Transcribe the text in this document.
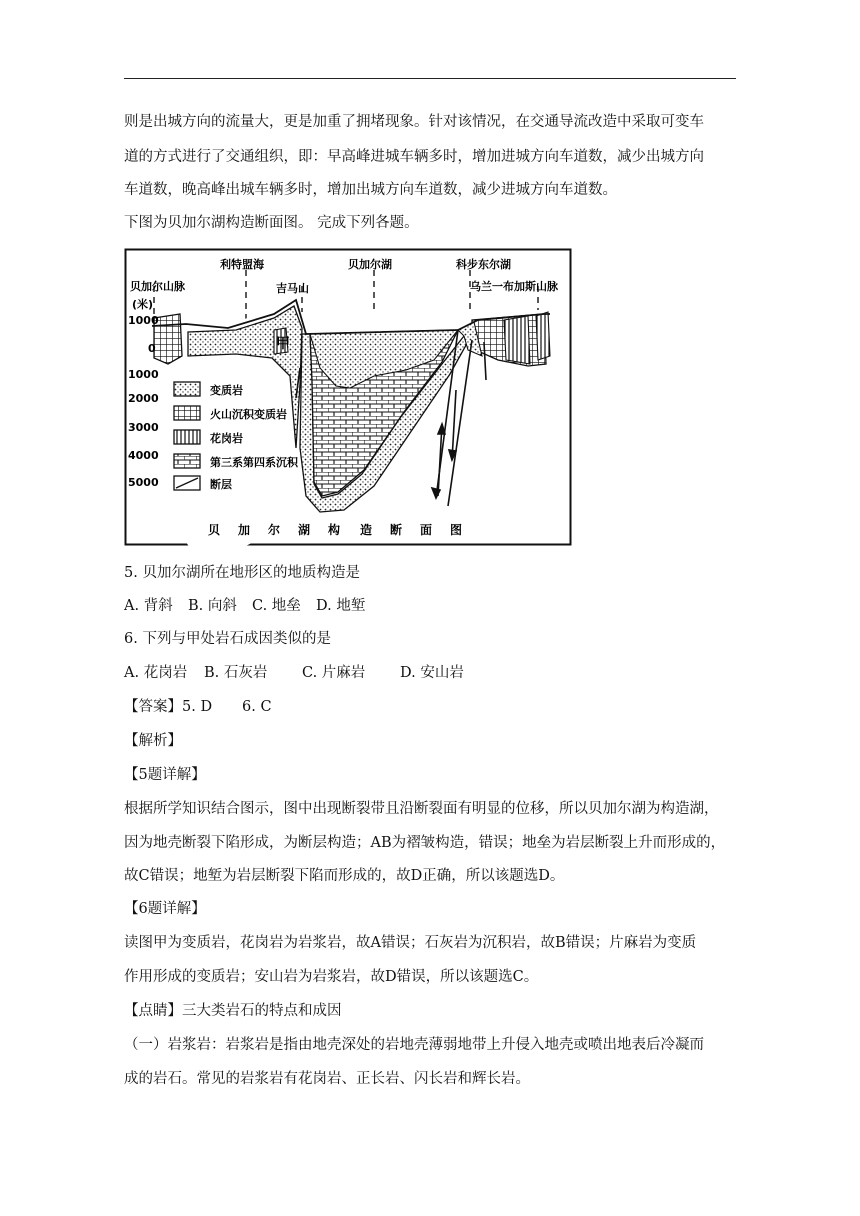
则是出城方向的流量大，更是加重了拥堵现象。针对该情况，在交通导流改造中采取可变车
道的方式进行了交通组织，即：早高峰进城车辆多时，增加进城方向车道数，减少出城方向
车道数，晚高峰出城车辆多时，增加出城方向车道数，减少进城方向车道数。
下图为贝加尔湖构造断面图。 完成下列各题。
(米)
1000
0
1000
2000
3000
4000
5000
利特盟海	贝加尔湖	科步东尔湖
贝加尔山脉	吉马山	乌兰一布加斯山脉
甲
变质岩
火山沉积变质岩
花岗岩
第三系第四系沉积
断层
贝 加 尔 湖 构 造 断 面 图
5. 贝加尔湖所在地形区的地质构造是
A. 背斜 B. 向斜 C. 地垒 D. 地堑
6. 下列与甲处岩石成因类似的是
A. 花岗岩 B. 石灰岩 C. 片麻岩 D. 安山岩
【答案】5. D 6. C
【解析】
【5题详解】
根据所学知识结合图示，图中出现断裂带且沿断裂面有明显的位移，所以贝加尔湖为构造湖，
因为地壳断裂下陷形成，为断层构造；AB为褶皱构造，错误；地垒为岩层断裂上升而形成的，
故C错误；地堑为岩层断裂下陷而形成的，故D正确，所以该题选D。
【6题详解】
读图甲为变质岩，花岗岩为岩浆岩，故A错误；石灰岩为沉积岩，故B错误；片麻岩为变质
作用形成的变质岩；安山岩为岩浆岩，故D错误，所以该题选C。
【点睛】三大类岩石的特点和成因
（一）岩浆岩：岩浆岩是指由地壳深处的岩地壳薄弱地带上升侵入地壳或喷出地表后冷凝而
成的岩石。常见的岩浆岩有花岗岩、正长岩、闪长岩和辉长岩。
